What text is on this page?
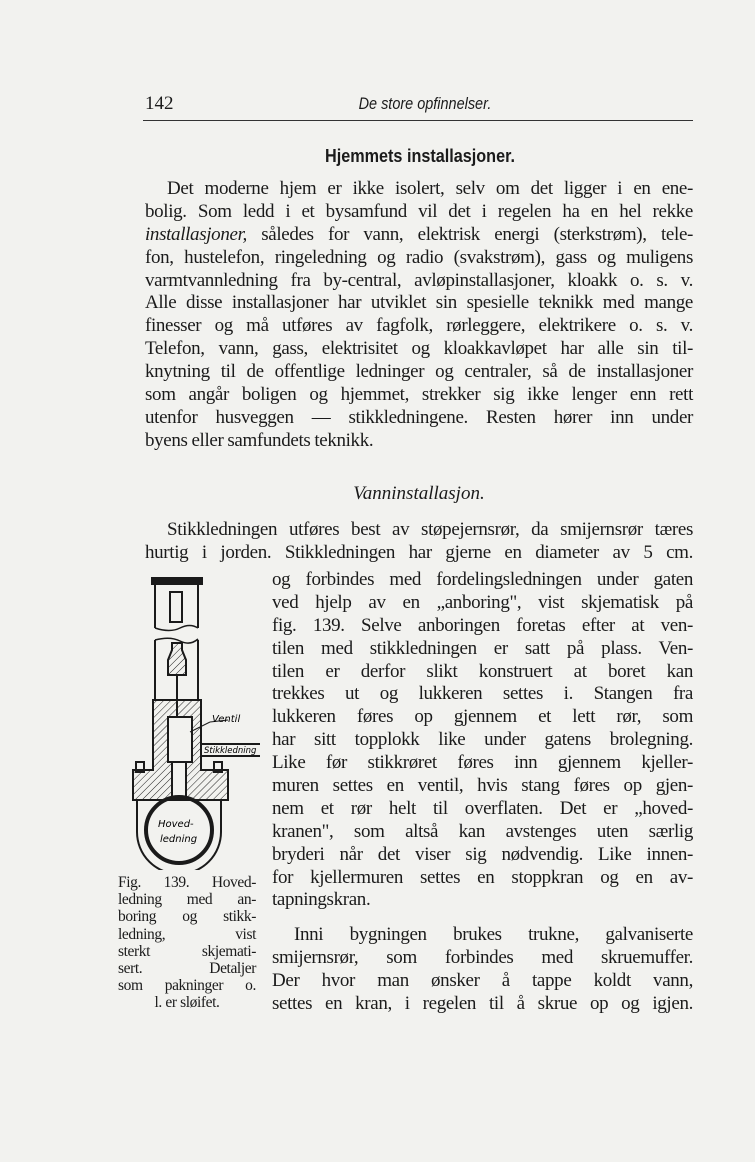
142	De store opfinnelser.
Hjemmets installasjoner.
Det moderne hjem er ikke isolert, selv om det ligger i en ene-
bolig. Som ledd i et bysamfund vil det i regelen ha en hel rekke
installasjoner, således for vann, elektrisk energi (sterkstrøm), tele-
fon, hustelefon, ringeledning og radio (svakstrøm), gass og muligens
varmtvannledning fra by-central, avløpinstallasjoner, kloakk o. s. v.
Alle disse installasjoner har utviklet sin spesielle teknikk med mange
finesser og må utføres av fagfolk, rørleggere, elektrikere o. s. v.
Telefon, vann, gass, elektrisitet og kloakkavløpet har alle sin til-
knytning til de offentlige ledninger og centraler, så de installasjoner
som angår boligen og hjemmet, strekker sig ikke lenger enn rett
utenfor husveggen — stikkledningene. Resten hører inn under
byens eller samfundets teknikk.
Vanninstallasjon.
Stikkledningen utføres best av støpejernsrør, da smijernsrør tæres
hurtig i jorden. Stikkledningen har gjerne en diameter av 5 cm.
og forbindes med fordelingsledningen under gaten
ved hjelp av en „anboring", vist skjematisk på
fig. 139. Selve anboringen foretas efter at ven-
tilen med stikkledningen er satt på plass. Ven-
tilen er derfor slikt konstruert at boret kan
trekkes ut og lukkeren settes i. Stangen fra
lukkeren føres op gjennem et lett rør, som
har sitt topplokk like under gatens brolegning.
Like før stikkrøret føres inn gjennem kjeller-
muren settes en ventil, hvis stang føres op gjen-
nem et rør helt til overflaten. Det er „hoved-
kranen", som altså kan avstenges uten særlig
bryderi når det viser sig nødvendig. Like innen-
for kjellermuren settes en stoppkran og en av-
tapningskran.
Inni bygningen brukes trukne, galvaniserte
smijernsrør, som forbindes med skruemuffer.
Der hvor man ønsker å tappe koldt vann,
settes en kran, i regelen til å skrue op og igjen.
Ventil
Stikkledning
Hoved-
ledning
Fig. 139. Hoved-
ledning med an-
boring og stikk-
ledning, vist
sterkt skjemati-
sert. Detaljer
som pakninger o.
l. er sløifet.
